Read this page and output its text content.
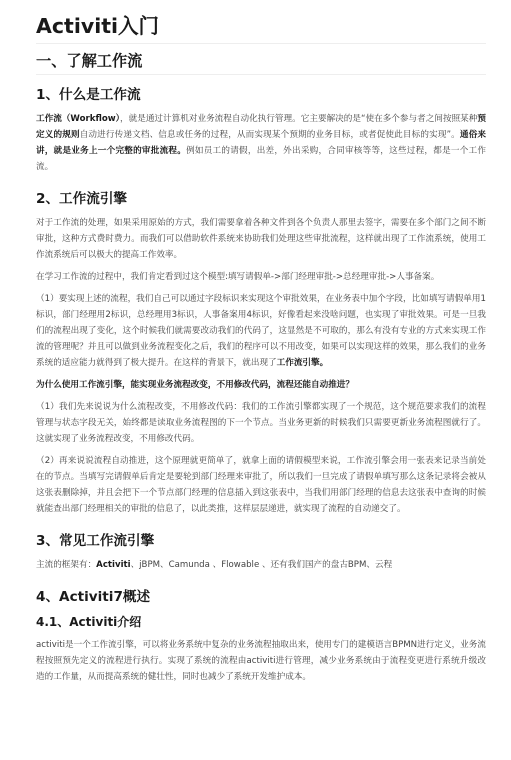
Activiti入门
一、了解工作流
1、什么是工作流

工作流（Workflow），就是通过计算机对业务流程自动化执行管理。它主要解决的是“使在多个参与者之间按照某种预定义的规则自动进行传递文档、信息或任务的过程，从而实现某个预期的业务目标，或者促使此目标的实现”。通俗来讲，就是业务上一个完整的审批流程。例如员工的请假，出差，外出采购，合同审核等等，这些过程，都是一个工作流。

2、工作流引擎

对于工作流的处理，如果采用原始的方式，我们需要拿着各种文件到各个负责人那里去签字，需要在多个部门之间不断审批，这种方式费时费力。而我们可以借助软件系统来协助我们处理这些审批流程，这样就出现了工作流系统，使用工作流系统后可以极大的提高工作效率。

在学习工作流的过程中，我们肯定看到过这个模型:填写请假单->部门经理审批->总经理审批->人事备案。

（1）要实现上述的流程，我们自己可以通过字段标识来实现这个审批效果，在业务表中加个字段，比如填写请假单用1标识，部门经理用2标识，总经理用3标识，人事备案用4标识，好像看起来没啥问题，也实现了审批效果。可是一旦我们的流程出现了变化，这个时候我们就需要改动我们的代码了，这显然是不可取的，那么有没有专业的方式来实现工作流的管理呢？并且可以做到业务流程变化之后，我们的程序可以不用改变，如果可以实现这样的效果，那么我们的业务系统的适应能力就得到了极大提升。在这样的背景下，就出现了工作流引擎。

为什么使用工作流引擎，能实现业务流程改变，不用修改代码，流程还能自动推进？

（1）我们先来说说为什么流程改变，不用修改代码：我们的工作流引擎都实现了一个规范，这个规范要求我们的流程管理与状态字段无关，始终都是读取业务流程图的下一个节点。当业务更新的时候我们只需要更新业务流程图就行了。这就实现了业务流程改变，不用修改代码。

（2）再来说说流程自动推进，这个原理就更简单了，就拿上面的请假模型来说，工作流引擎会用一张表来记录当前处在的节点。当填写完请假单后肯定是要轮到部门经理来审批了，所以我们一旦完成了请假单填写那么这条记录将会被从这张表删除掉，并且会把下一个节点部门经理的信息插入到这张表中，当我们用部门经理的信息去这张表中查询的时候就能查出部门经理相关的审批的信息了，以此类推，这样层层递进，就实现了流程的自动递交了。

3、常见工作流引擎

主流的框架有：Activiti、jBPM、Camunda 、Flowable 、还有我们国产的盘古BPM、云程

4、Activiti7概述
4.1、Activiti介绍

activiti是一个工作流引擎，可以将业务系统中复杂的业务流程抽取出来，使用专门的建模语言BPMN进行定义，业务流程按照预先定义的流程进行执行。实现了系统的流程由activiti进行管理，减少业务系统由于流程变更进行系统升级改造的工作量，从而提高系统的健壮性，同时也减少了系统开发维护成本。
